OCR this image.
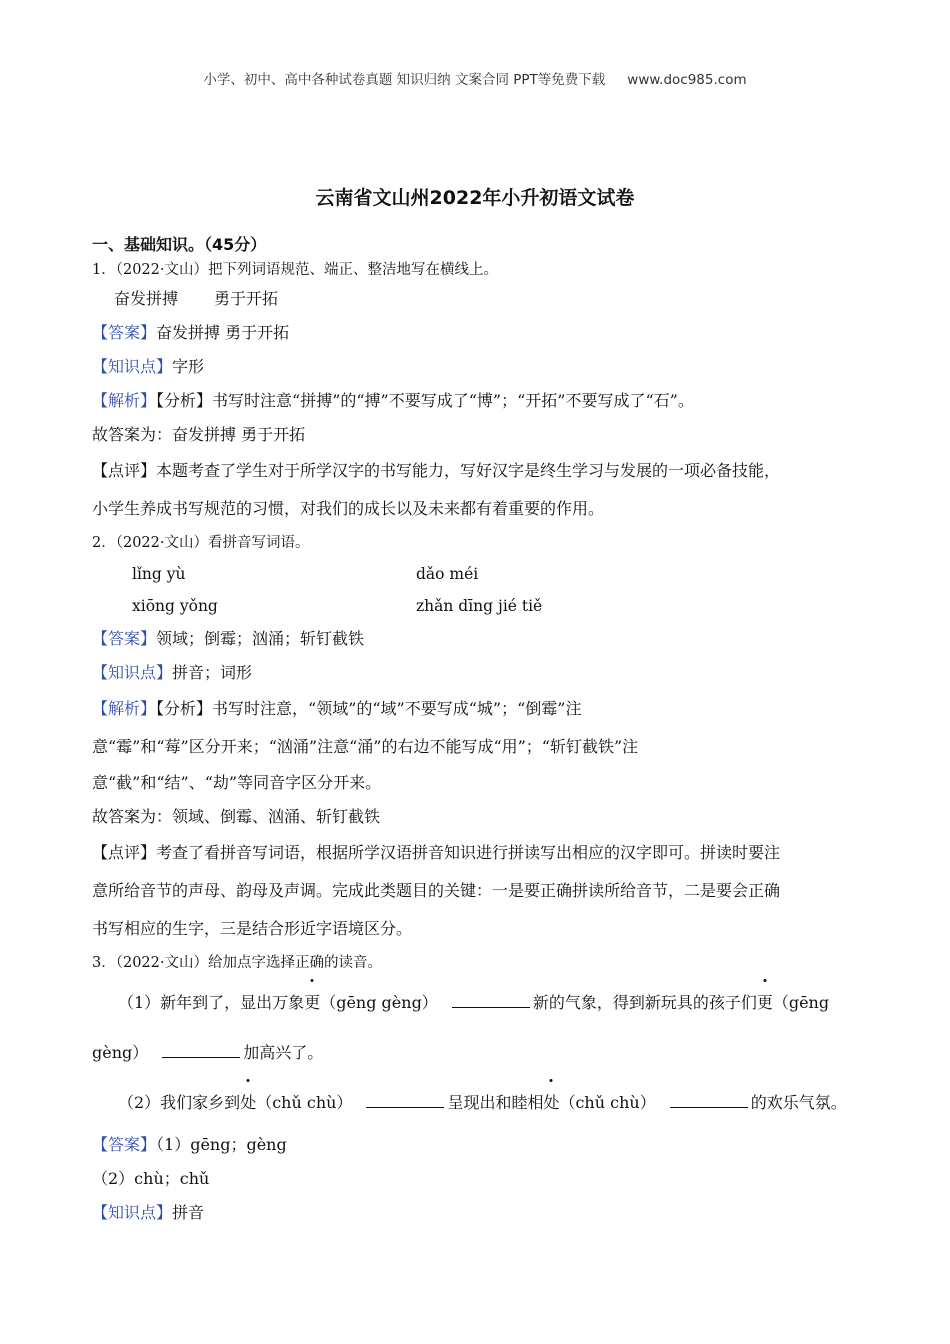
小学、初中、高中各种试卷真题 知识归纳 文案合同 PPT等免费下载 www.doc985.com
云南省文山州2022年小升初语文试卷
一、基础知识。（45分）
1．（2022·文山）把下列词语规范、端正、整洁地写在横线上。
奋发拼搏 勇于开拓
【答案】奋发拼搏 勇于开拓
【知识点】字形
【解析】【分析】书写时注意“拼搏”的“搏”不要写成了“博”；“开拓”不要写成了“石”。
故答案为：奋发拼搏 勇于开拓
【点评】本题考查了学生对于所学汉字的书写能力，写好汉字是终生学习与发展的一项必备技能，
小学生养成书写规范的习惯，对我们的成长以及未来都有着重要的作用。
2．（2022·文山）看拼音写词语。
lǐng yù	dǎo méi
xiōng yǒng	zhǎn dīng jié tiě
【答案】领域；倒霉；汹涌；斩钉截铁
【知识点】拼音；词形
【解析】【分析】书写时注意，“领域”的“域”不要写成“城”；“倒霉”注
意“霉”和“莓”区分开来；“汹涌”注意“涌”的右边不能写成“用”；“斩钉截铁”注
意“截”和“结”、“劫”等同音字区分开来。
故答案为：领域、倒霉、汹涌、斩钉截铁
【点评】考查了看拼音写词语，根据所学汉语拼音知识进行拼读写出相应的汉字即可。拼读时要注
意所给音节的声母、韵母及声调。完成此类题目的关键：一是要正确拼读所给音节，二是要会正确
书写相应的生字，三是结合形近字语境区分。
3．（2022·文山）给加点字选择正确的读音。
（1）新年到了，显出万象更（gēng gèng）	新的气象，得到新玩具的孩子们更（gēng
gèng）	加高兴了。
（2）我们家乡到处（chǔ chù）	呈现出和睦相处（chǔ chù）	的欢乐气氛。
【答案】（1）gēng；gèng
（2）chù；chǔ
【知识点】拼音
